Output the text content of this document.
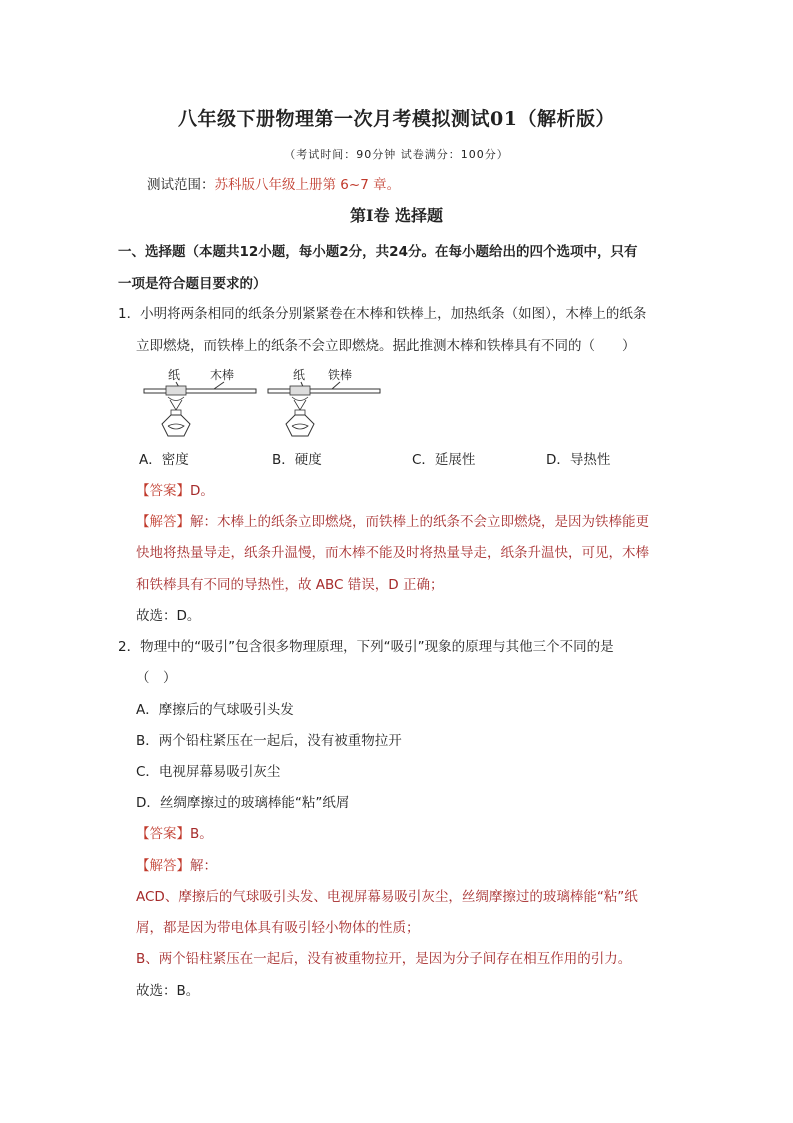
八年级下册物理第一次月考模拟测试01（解析版）
（考试时间：90分钟 试卷满分：100分）
测试范围：苏科版八年级上册第 6~7 章。
第Ⅰ卷 选择题
一、选择题（本题共12小题，每小题2分，共24分。在每小题给出的四个选项中，只有
一项是符合题目要求的）
1．小明将两条相同的纸条分别紧紧卷在木棒和铁棒上，加热纸条（如图），木棒上的纸条
立即燃烧，而铁棒上的纸条不会立即燃烧。据此推测木棒和铁棒具有不同的（　　）
纸 木棒	纸 铁棒
A．密度	B．硬度	C．延展性	D．导热性
【答案】D。
【解答】解：木棒上的纸条立即燃烧，而铁棒上的纸条不会立即燃烧，是因为铁棒能更
快地将热量导走，纸条升温慢，而木棒不能及时将热量导走，纸条升温快，可见，木棒
和铁棒具有不同的导热性，故 ABC 错误，D 正确；
故选：D。
2．物理中的“吸引”包含很多物理原理，下列“吸引”现象的原理与其他三个不同的是
（　）
A．摩擦后的气球吸引头发
B．两个铅柱紧压在一起后，没有被重物拉开
C．电视屏幕易吸引灰尘
D．丝绸摩擦过的玻璃棒能“粘”纸屑
【答案】B。
【解答】解：
ACD、摩擦后的气球吸引头发、电视屏幕易吸引灰尘，丝绸摩擦过的玻璃棒能“粘”纸
屑，都是因为带电体具有吸引轻小物体的性质；
B、两个铅柱紧压在一起后，没有被重物拉开，是因为分子间存在相互作用的引力。
故选：B。
